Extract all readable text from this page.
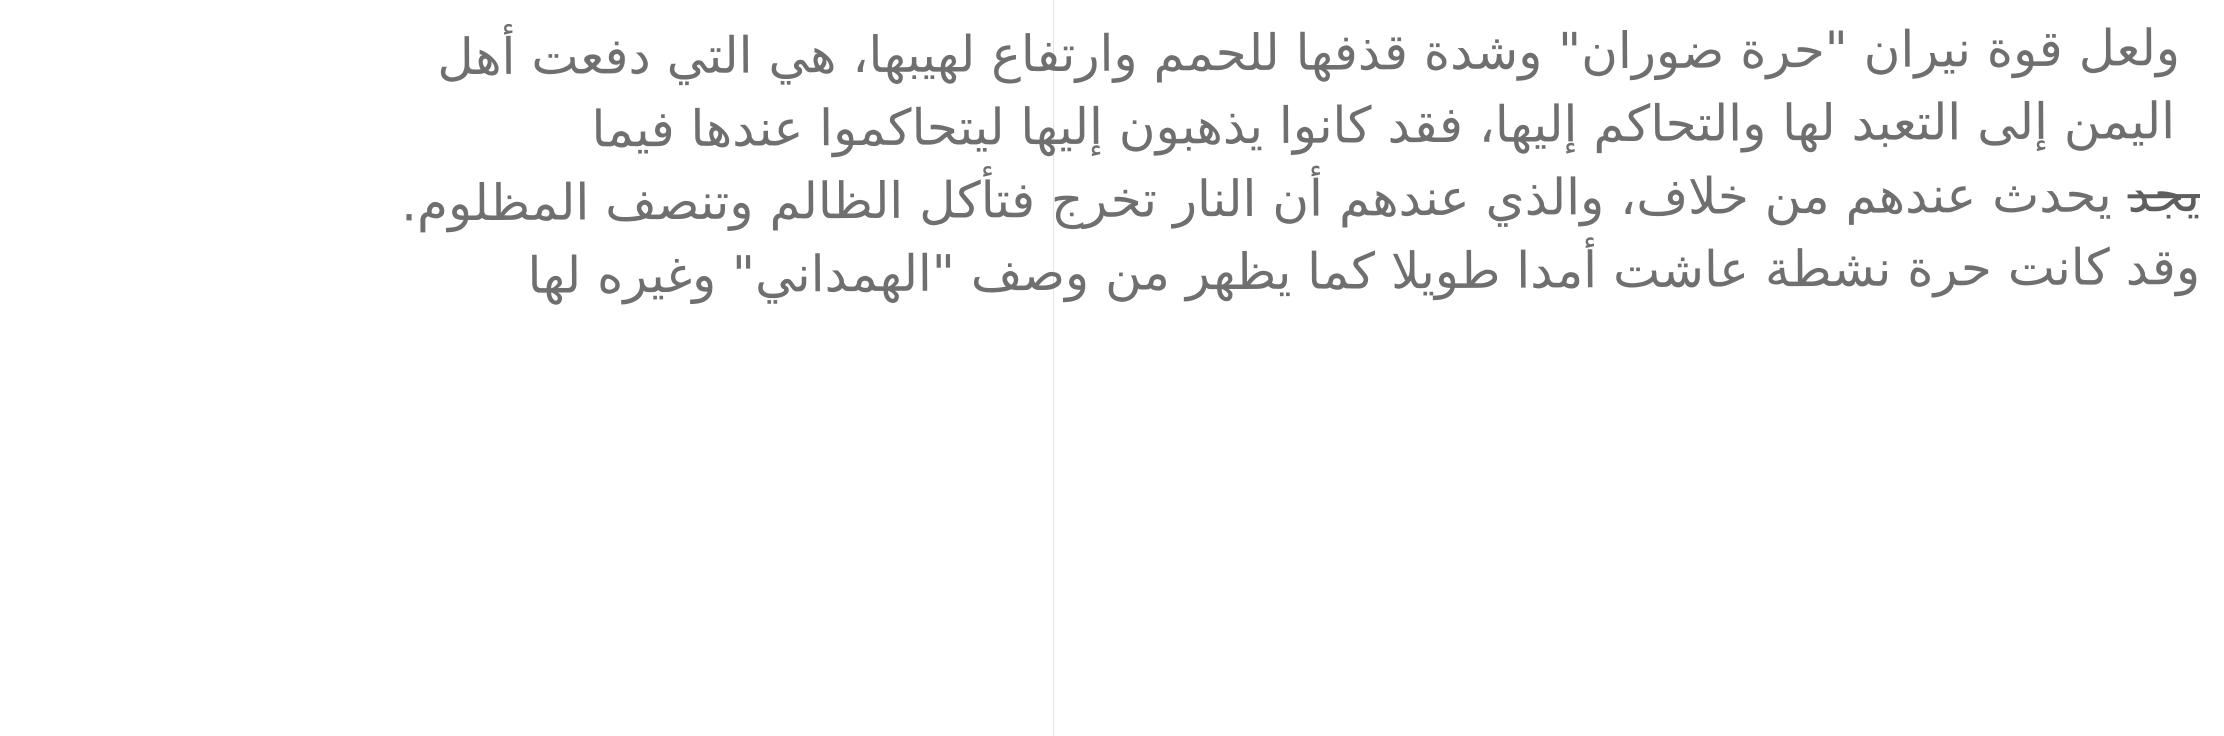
ولعل قوة نيران "حرة ضوران" وشدة قذفها للحمم وارتفاع لهيبها، هي التي دفعت أهل
اليمن إلى التعبد لها والتحاكم إليها، فقد كانوا يذهبون إليها ليتحاكموا عندها فيما
يجد يحدث عندهم من خلاف، والذي عندهم أن النار تخرج فتأكل الظالم وتنصف المظلوم.
وقد كانت حرة نشطة عاشت أمدا طويلا كما يظهر من وصف "الهمداني" وغيره لها
